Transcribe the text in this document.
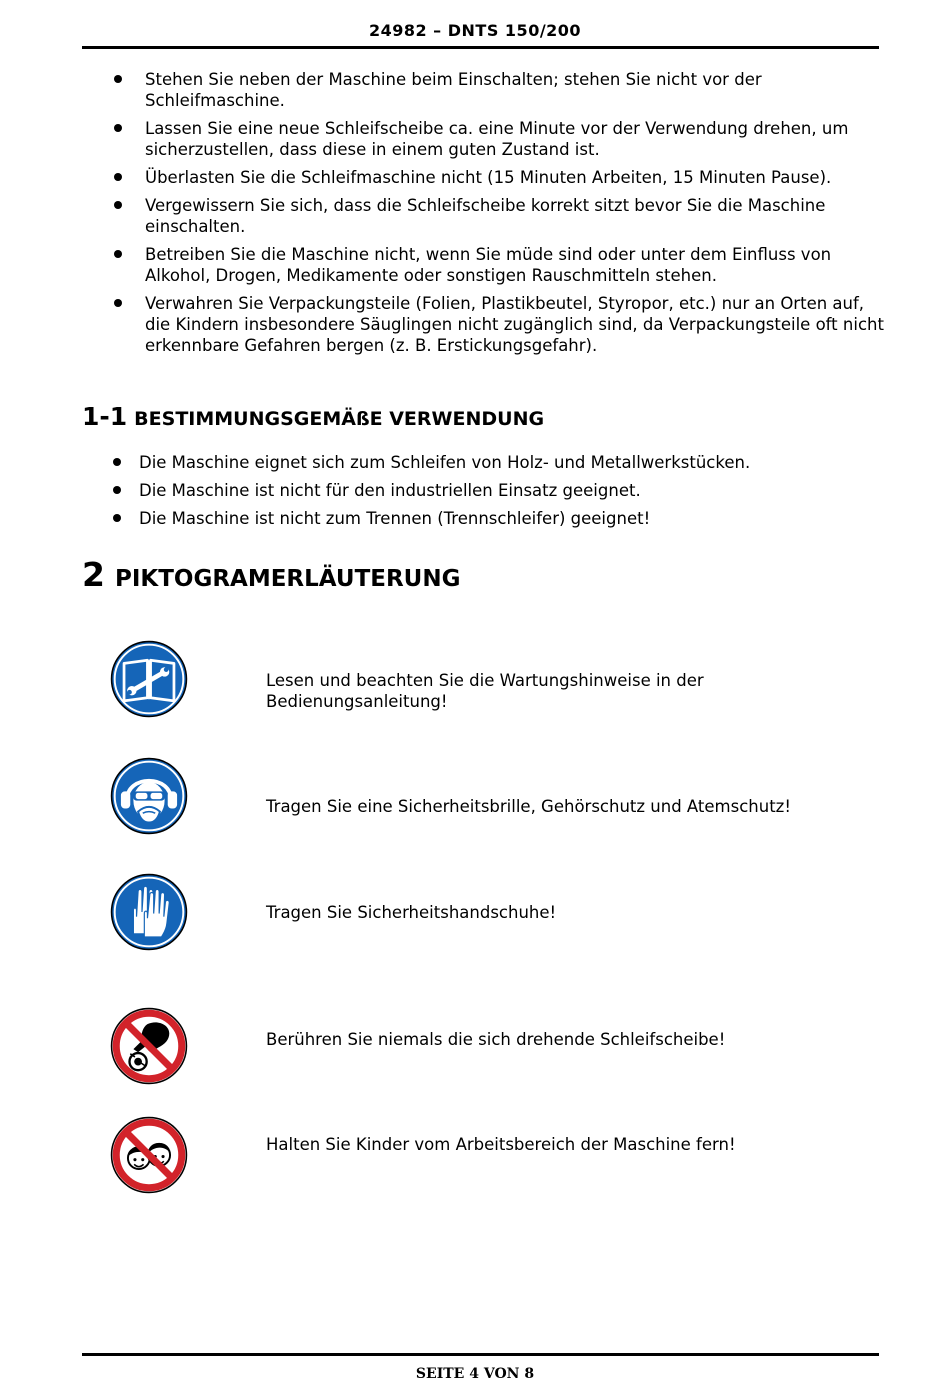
24982 – DNTS 150/200
Stehen Sie neben der Maschine beim Einschalten; stehen Sie nicht vor der Schleifmaschine.
Lassen Sie eine neue Schleifscheibe ca. eine Minute vor der Verwendung drehen, um sicherzustellen, dass diese in einem guten Zustand ist.
Überlasten Sie die Schleifmaschine nicht (15 Minuten Arbeiten, 15 Minuten Pause).
Vergewissern Sie sich, dass die Schleifscheibe korrekt sitzt bevor Sie die Maschine einschalten.
Betreiben Sie die Maschine nicht, wenn Sie müde sind oder unter dem Einfluss von Alkohol, Drogen, Medikamente oder sonstigen Rauschmitteln stehen.
Verwahren Sie Verpackungsteile (Folien, Plastikbeutel, Styropor, etc.) nur an Orten auf, die Kindern insbesondere Säuglingen nicht zugänglich sind, da Verpackungsteile oft nicht erkennbare Gefahren bergen (z. B. Erstickungsgefahr).
1-1 BESTIMMUNGSGEMÄßE VERWENDUNG
Die Maschine eignet sich zum Schleifen von Holz- und Metallwerkstücken.
Die Maschine ist nicht für den industriellen Einsatz geeignet.
Die Maschine ist nicht zum Trennen (Trennschleifer) geeignet!
2 PIKTOGRAMERLÄUTERUNG
Lesen und beachten Sie die Wartungshinweise in der Bedienungsanleitung!
Tragen Sie eine Sicherheitsbrille, Gehörschutz und Atemschutz!
Tragen Sie Sicherheitshandschuhe!
Berühren Sie niemals die sich drehende Schleifscheibe!
Halten Sie Kinder vom Arbeitsbereich der Maschine fern!
SEITE 4 VON 8
